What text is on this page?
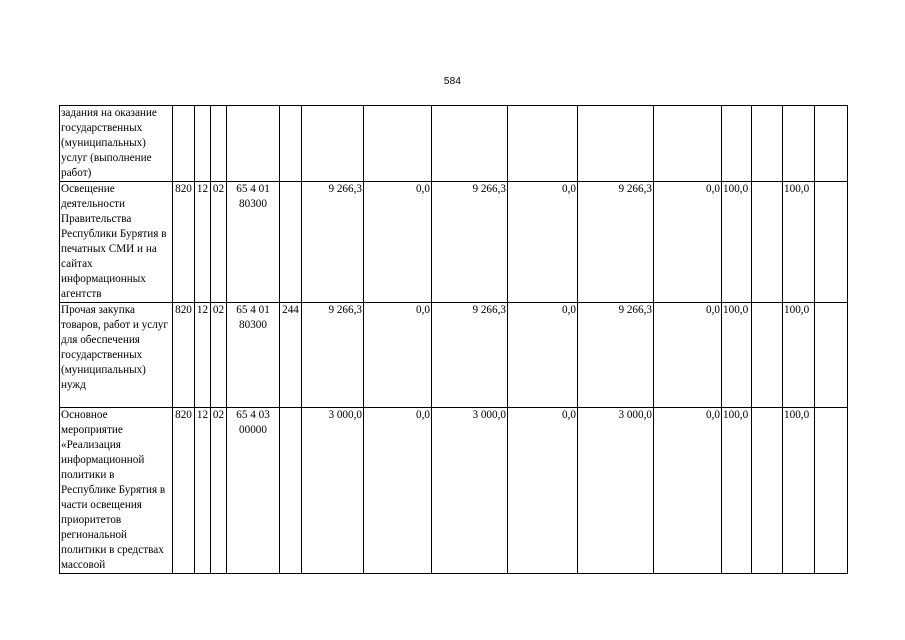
584
задания на оказание государственных (муниципальных) услуг (выполнение работ)															
Освещение деятельности Правительства Республики Бурятия в печатных СМИ и на сайтах информационных агентств	820	12	02	65 4 01 80300		9 266,3	0,0	9 266,3	0,0	9 266,3	0,0	100,0		100,0	
Прочая закупка товаров, работ и услуг для обеспечения государственных (муниципальных) нужд	820	12	02	65 4 01 80300	244	9 266,3	0,0	9 266,3	0,0	9 266,3	0,0	100,0		100,0	
Основное мероприятие «Реализация информационной политики в Республике Бурятия в части освещения приоритетов региональной политики в средствах массовой	820	12	02	65 4 03 00000		3 000,0	0,0	3 000,0	0,0	3 000,0	0,0	100,0		100,0	
